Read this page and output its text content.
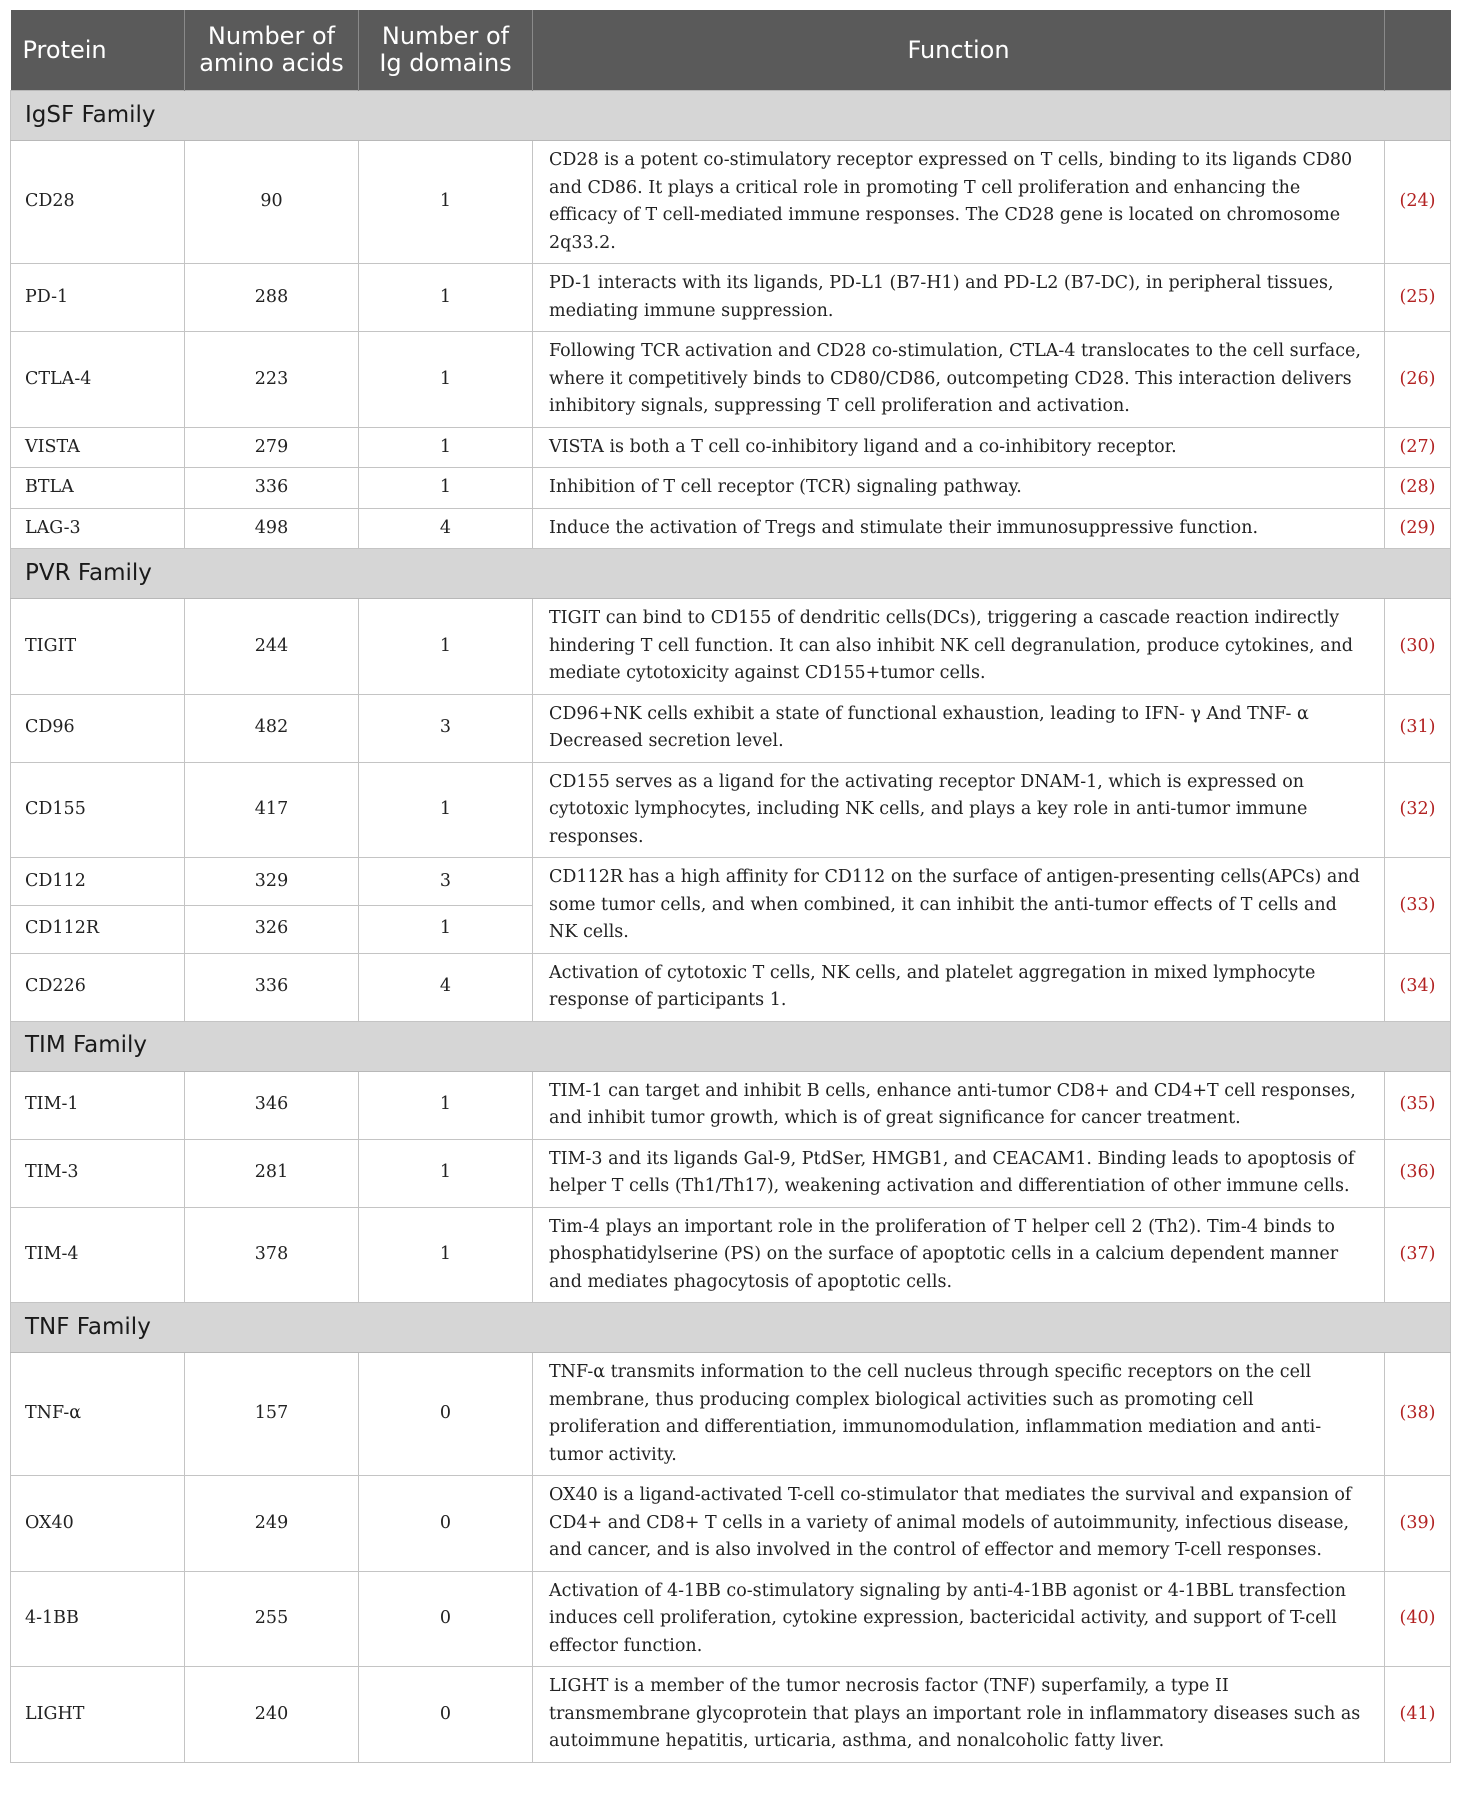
Protein	Number of amino acids	Number of Ig domains	Function	
IgSF Family				
CD28	90	1	CD28 is a potent co-stimulatory receptor expressed on T cells, binding to its ligands CD80 and CD86. It plays a critical role in promoting T cell proliferation and enhancing the efficacy of T cell-mediated immune responses. The CD28 gene is located on chromosome 2q33.2.	(24)
PD-1	288	1	PD-1 interacts with its ligands, PD-L1 (B7-H1) and PD-L2 (B7-DC), in peripheral tissues, mediating immune suppression.	(25)
CTLA-4	223	1	Following TCR activation and CD28 co-stimulation, CTLA-4 translocates to the cell surface, where it competitively binds to CD80/CD86, outcompeting CD28. This interaction delivers inhibitory signals, suppressing T cell proliferation and activation.	(26)
VISTA	279	1	VISTA is both a T cell co-inhibitory ligand and a co-inhibitory receptor.	(27)
BTLA	336	1	Inhibition of T cell receptor (TCR) signaling pathway.	(28)
LAG-3	498	4	Induce the activation of Tregs and stimulate their immunosuppressive function.	(29)
PVR Family				
TIGIT	244	1	TIGIT can bind to CD155 of dendritic cells(DCs), triggering a cascade reaction indirectly hindering T cell function. It can also inhibit NK cell degranulation, produce cytokines, and mediate cytotoxicity against CD155+tumor cells.	(30)
CD96	482	3	CD96+NK cells exhibit a state of functional exhaustion, leading to IFN- γ And TNF- α Decreased secretion level.	(31)
CD155	417	1	CD155 serves as a ligand for the activating receptor DNAM-1, which is expressed on cytotoxic lymphocytes, including NK cells, and plays a key role in anti-tumor immune responses.	(32)
CD112	329	3	CD112R has a high affinity for CD112 on the surface of antigen-presenting cells(APCs) and some tumor cells, and when combined, it can inhibit the anti-tumor effects of T cells and NK cells.	(33)
CD112R	326	1		
CD226	336	4	Activation of cytotoxic T cells, NK cells, and platelet aggregation in mixed lymphocyte response of participants 1.	(34)
TIM Family				
TIM-1	346	1	TIM-1 can target and inhibit B cells, enhance anti-tumor CD8+ and CD4+T cell responses, and inhibit tumor growth, which is of great significance for cancer treatment.	(35)
TIM-3	281	1	TIM-3 and its ligands Gal-9, PtdSer, HMGB1, and CEACAM1. Binding leads to apoptosis of helper T cells (Th1/Th17), weakening activation and differentiation of other immune cells.	(36)
TIM-4	378	1	Tim-4 plays an important role in the proliferation of T helper cell 2 (Th2). Tim-4 binds to phosphatidylserine (PS) on the surface of apoptotic cells in a calcium dependent manner and mediates phagocytosis of apoptotic cells.	(37)
TNF Family				
TNF-α	157	0	TNF-α transmits information to the cell nucleus through specific receptors on the cell membrane, thus producing complex biological activities such as promoting cell proliferation and differentiation, immunomodulation, inflammation mediation and anti-tumor activity.	(38)
OX40	249	0	OX40 is a ligand-activated T-cell co-stimulator that mediates the survival and expansion of CD4+ and CD8+ T cells in a variety of animal models of autoimmunity, infectious disease, and cancer, and is also involved in the control of effector and memory T-cell responses.	(39)
4-1BB	255	0	Activation of 4-1BB co-stimulatory signaling by anti-4-1BB agonist or 4-1BBL transfection induces cell proliferation, cytokine expression, bactericidal activity, and support of T-cell effector function.	(40)
LIGHT	240	0	LIGHT is a member of the tumor necrosis factor (TNF) superfamily, a type II transmembrane glycoprotein that plays an important role in inflammatory diseases such as autoimmune hepatitis, urticaria, asthma, and nonalcoholic fatty liver.	(41)
